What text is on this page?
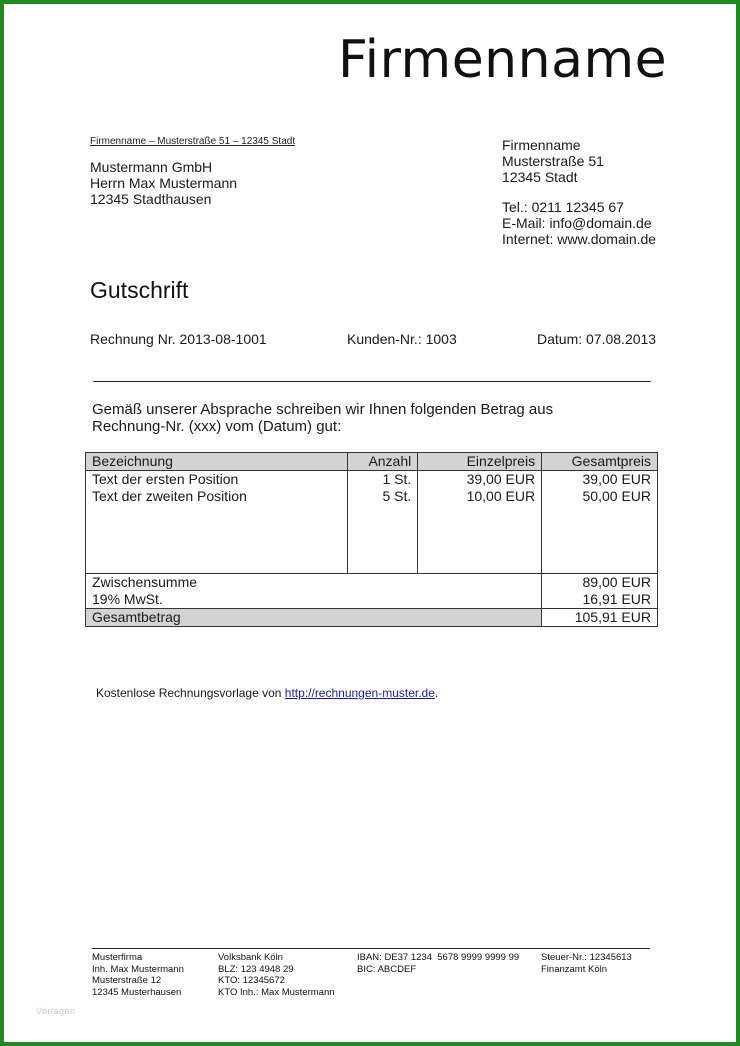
Firmenname
Firmenname – Musterstraße 51 – 12345 Stadt
Mustermann GmbH
Herrn Max Mustermann
12345 Stadthausen
Firmenname
Musterstraße 51
12345 Stadt
Tel.: 0211 12345 67
E-Mail: info@domain.de
Internet: www.domain.de
Gutschrift
Rechnung Nr. 2013-08-1001	Kunden-Nr.: 1003	Datum: 07.08.2013
Gemäß unserer Absprache schreiben wir Ihnen folgenden Betrag aus
Rechnung-Nr. (xxx) vom (Datum) gut:
Bezeichnung	Anzahl	Einzelpreis	Gesamtpreis
Text der ersten Position	1 St.	39,00 EUR	39,00 EUR
Text der zweiten Position	5 St.	10,00 EUR	50,00 EUR

Zwischensumme			89,00 EUR
19% MwSt.			16,91 EUR
Gesamtbetrag			105,91 EUR
Kostenlose Rechnungsvorlage von http://rechnungen-muster.de.
Musterfirma
Inh. Max Mustermann
Musterstraße 12
12345 Musterhausen
Volksbank Köln
BLZ: 123 4948 29
KTO: 12345672
KTO Inh.: Max Mustermann
IBAN: DE37 1234  5678 9999 9999 99
BIC: ABCDEF
Steuer-Nr.: 12345613
Finanzamt Köln
Vorlagen
